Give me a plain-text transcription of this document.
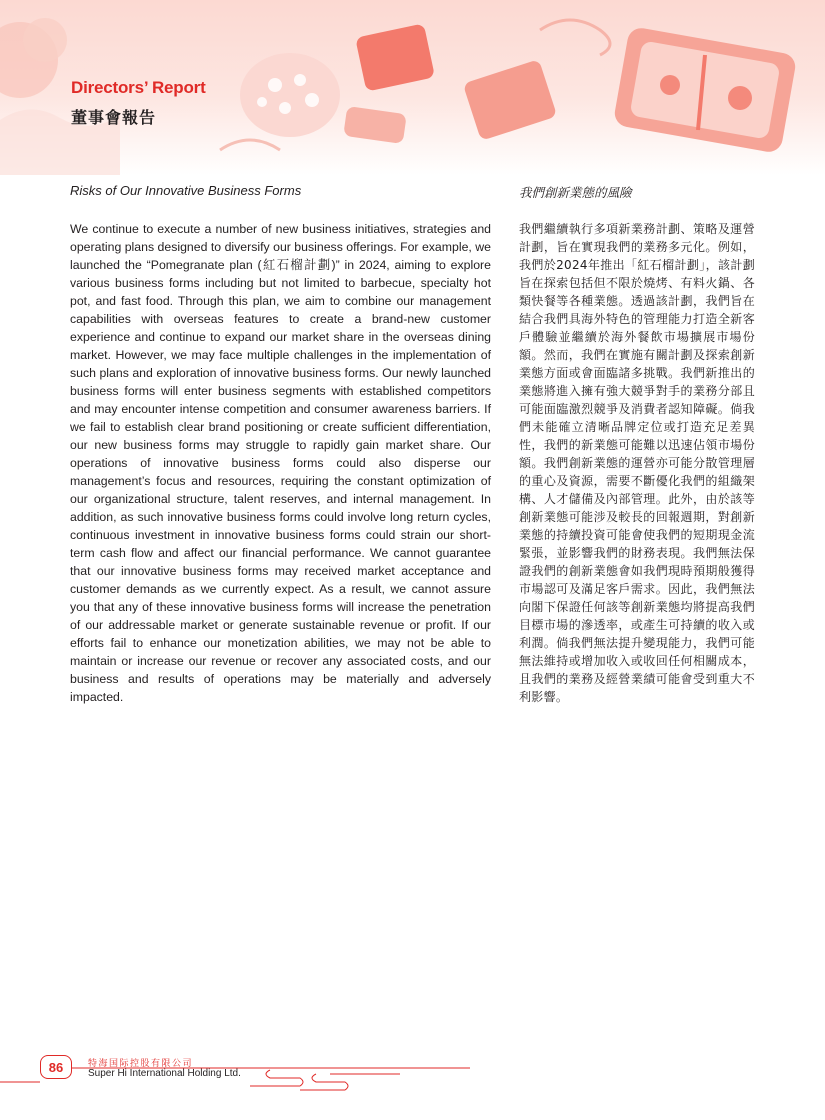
Directors’ Report
董事會報告
Risks of Our Innovative Business Forms	我們創新業態的風險
We continue to execute a number of new business initiatives, strategies and operating plans designed to diversify our business offerings. For example, we launched the “Pomegranate plan (紅石榴計劃)” in 2024, aiming to explore various business forms including but not limited to barbecue, specialty hot pot, and fast food. Through this plan, we aim to combine our management capabilities with overseas features to create a brand-new customer experience and continue to expand our market share in the overseas dining market. However, we may face multiple challenges in the implementation of such plans and exploration of innovative business forms. Our newly launched business forms will enter business segments with established competitors and may encounter intense competition and consumer awareness barriers. If we fail to establish clear brand positioning or create sufficient differentiation, our new business forms may struggle to rapidly gain market share. Our operations of innovative business forms could also disperse our management’s focus and resources, requiring the constant optimization of our organizational structure, talent reserves, and internal management. In addition, as such innovative business forms could involve long return cycles, continuous investment in innovative business forms could strain our short-term cash flow and affect our financial performance. We cannot guarantee that our innovative business forms may received market acceptance and customer demands as we currently expect. As a result, we cannot assure you that any of these innovative business forms will increase the penetration of our addressable market or generate sustainable revenue or profit. If our efforts fail to enhance our monetization abilities, we may not be able to maintain or increase our revenue or recover any associated costs, and our business and results of operations may be materially and adversely impacted.
我們繼續執行多項新業務計劃、策略及運營計劃，旨在實現我們的業務多元化。例如，我們於2024年推出「紅石榴計劃」，該計劃旨在探索包括但不限於燒烤、有料火鍋、各類快餐等各種業態。透過該計劃，我們旨在結合我們具海外特色的管理能力打造全新客戶體驗並繼續於海外餐飲市場擴展市場份額。然而，我們在實施有關計劃及探索創新業態方面或會面臨諸多挑戰。我們新推出的業態將進入擁有強大競爭對手的業務分部且可能面臨激烈競爭及消費者認知障礙。倘我們未能確立清晰品牌定位或打造充足差異性，我們的新業態可能難以迅速佔領市場份額。我們創新業態的運營亦可能分散管理層的重心及資源，需要不斷優化我們的組織架構、人才儲備及內部管理。此外，由於該等創新業態可能涉及較長的回報週期，對創新業態的持續投資可能會使我們的短期現金流緊張，並影響我們的財務表現。我們無法保證我們的創新業態會如我們現時預期般獲得市場認可及滿足客戶需求。因此，我們無法向閣下保證任何該等創新業態均將提高我們目標市場的滲透率，或產生可持續的收入或利潤。倘我們無法提升變現能力，我們可能無法維持或增加收入或收回任何相關成本，且我們的業務及經營業績可能會受到重大不利影響。
86	特海国际控股有限公司
Super Hi International Holding Ltd.
